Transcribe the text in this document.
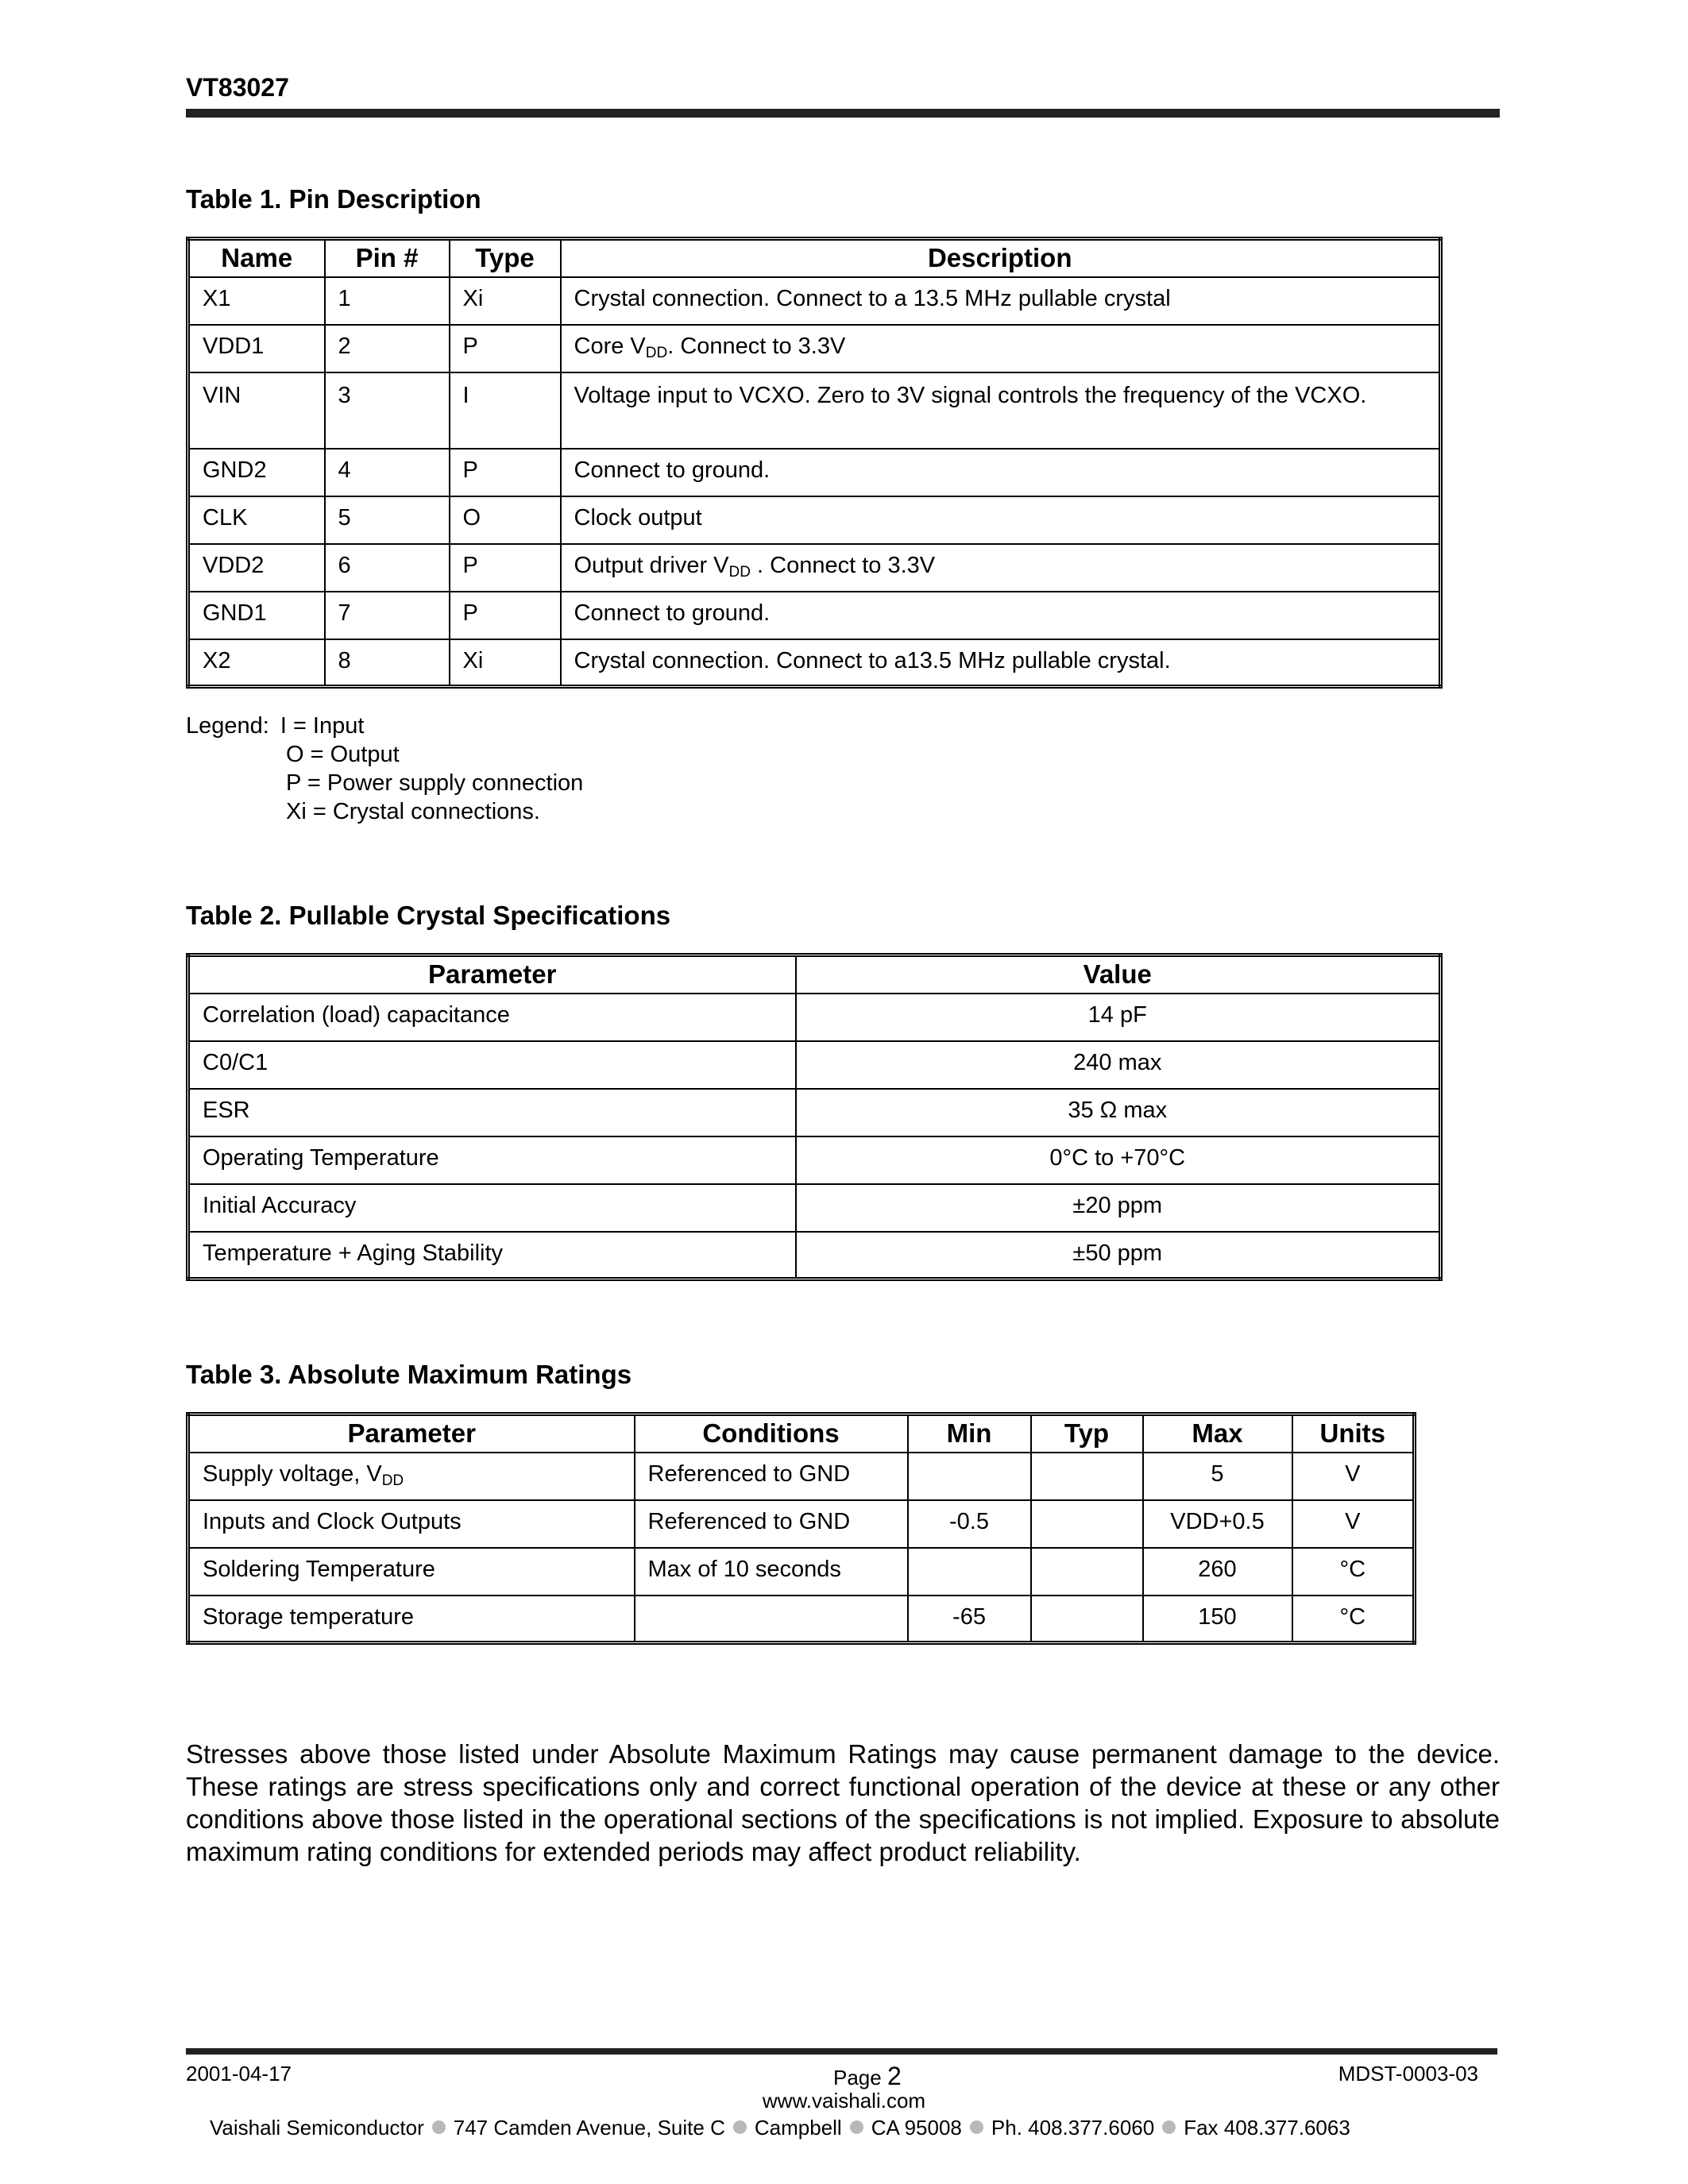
VT83027
Table 1. Pin Description
Name	Pin #	Type	Description
X1	1	Xi	Crystal connection. Connect to a 13.5 MHz pullable crystal
VDD1	2	P	Core $V_{DD}$. Connect to 3.3V
VIN	3	I	Voltage input to VCXO. Zero to 3V signal controls the frequency of the VCXO.
GND2	4	P	Connect to ground.
CLK	5	O	Clock output
VDD2	6	P	Output driver $V_{DD}$ . Connect to 3.3V
GND1	7	P	Connect to ground.
X2	8	Xi	Crystal connection. Connect to a13.5 MHz pullable crystal.
Legend: I = Input
O = Output
P = Power supply connection
Xi = Crystal connections.
Table 2. Pullable Crystal Specifications
Parameter	Value
Correlation (load) capacitance	14 pF
C0/C1	240 max
ESR	35 Ω max
Operating Temperature	0°C to +70°C
Initial Accuracy	±20 ppm
Temperature + Aging Stability	±50 ppm
Table 3. Absolute Maximum Ratings
Parameter	Conditions	Min	Typ	Max	Units
Supply voltage, $V_{DD}$	Referenced to GND			5	V
Inputs and Clock Outputs	Referenced to GND	-0.5		VDD+0.5	V
Soldering Temperature	Max of 10 seconds			260	°C
Storage temperature		-65		150	°C
Stresses above those listed under Absolute Maximum Ratings may cause permanent damage to the device. These ratings are stress specifications only and correct functional operation of the device at these or any other conditions above those listed in the operational sections of the specifications is not implied. Exposure to absolute maximum rating conditions for extended periods may affect product reliability.
2001-04-17	Page 2	MDST-0003-03
www.vaishali.com
Vaishali Semiconductor 747 Camden Avenue, Suite C Campbell CA 95008 Ph. 408.377.6060 Fax 408.377.6063
